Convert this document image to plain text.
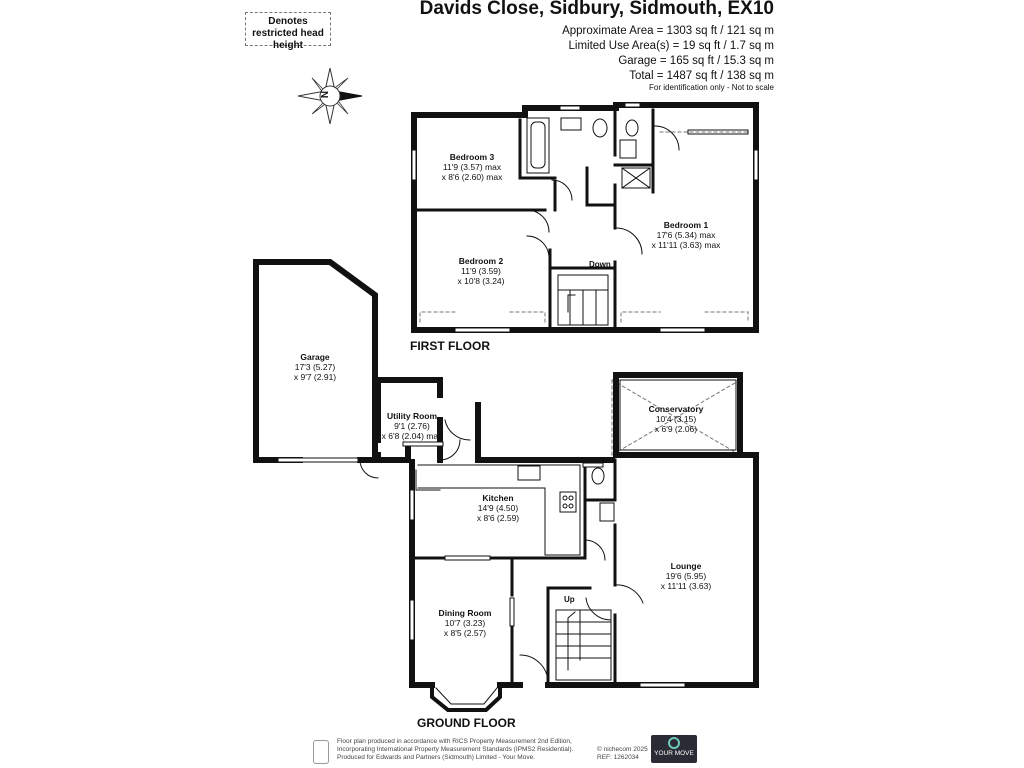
Davids Close, Sidbury, Sidmouth, EX10
Approximate Area = 1303 sq ft / 121 sq m
Limited Use Area(s) = 19 sq ft / 1.7 sq m
Garage = 165 sq ft / 15.3 sq m
Total = 1487 sq ft / 138 sq m
For identification only - Not to scale
Denotes restricted head height
N
FIRST FLOOR
GROUND FLOOR
Bedroom 3
11'9 (3.57) max
x 8'6 (2.60) max
Bedroom 2
11'9 (3.59)
x 10'8 (3.24)
Bedroom 1
17'6 (5.34) max
x 11'11 (3.63) max
Garage
17'3 (5.27)
x 9'7 (2.91)
Utility Room
9'1 (2.76)
x 6'8 (2.04) max
Conservatory
10'4 (3.15)
x 6'9 (2.06)
Kitchen
14'9 (4.50)
x 8'6 (2.59)
Lounge
19'6 (5.95)
x 11'11 (3.63)
Dining Room
10'7 (3.23)
x 8'5 (2.57)
Down
Up
Floor plan produced in accordance with RICS Property Measurement 2nd Edition,
Incorporating International Property Measurement Standards (IPMS2 Residential).
Produced for Edwards and Partners (Sidmouth) Limited - Your Move.
© nichecom 2025
REF: 1262034
YOUR MOVE
